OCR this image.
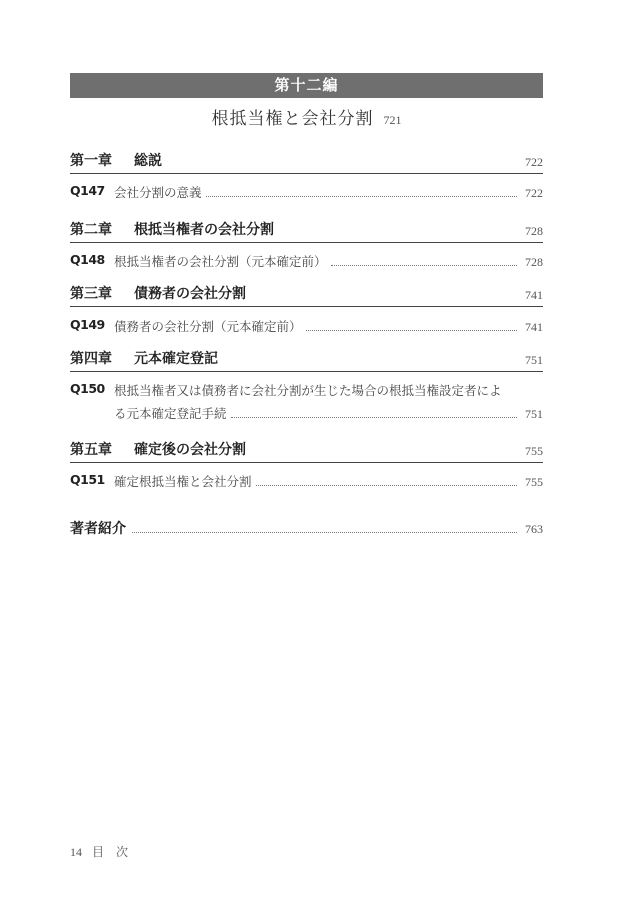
第十二編
根抵当権と会社分割 721
第一章 総説	722
Q147 会社分割の意義	722
第二章 根抵当権者の会社分割	728
Q148 根抵当権者の会社分割（元本確定前）	728
第三章 債務者の会社分割	741
Q149 債務者の会社分割（元本確定前）	741
第四章 元本確定登記	751
Q150 根抵当権者又は債務者に会社分割が生じた場合の根抵当権設定者によ
る元本確定登記手続	751
第五章 確定後の会社分割	755
Q151 確定根抵当権と会社分割	755
著者紹介	763
14 目　次
